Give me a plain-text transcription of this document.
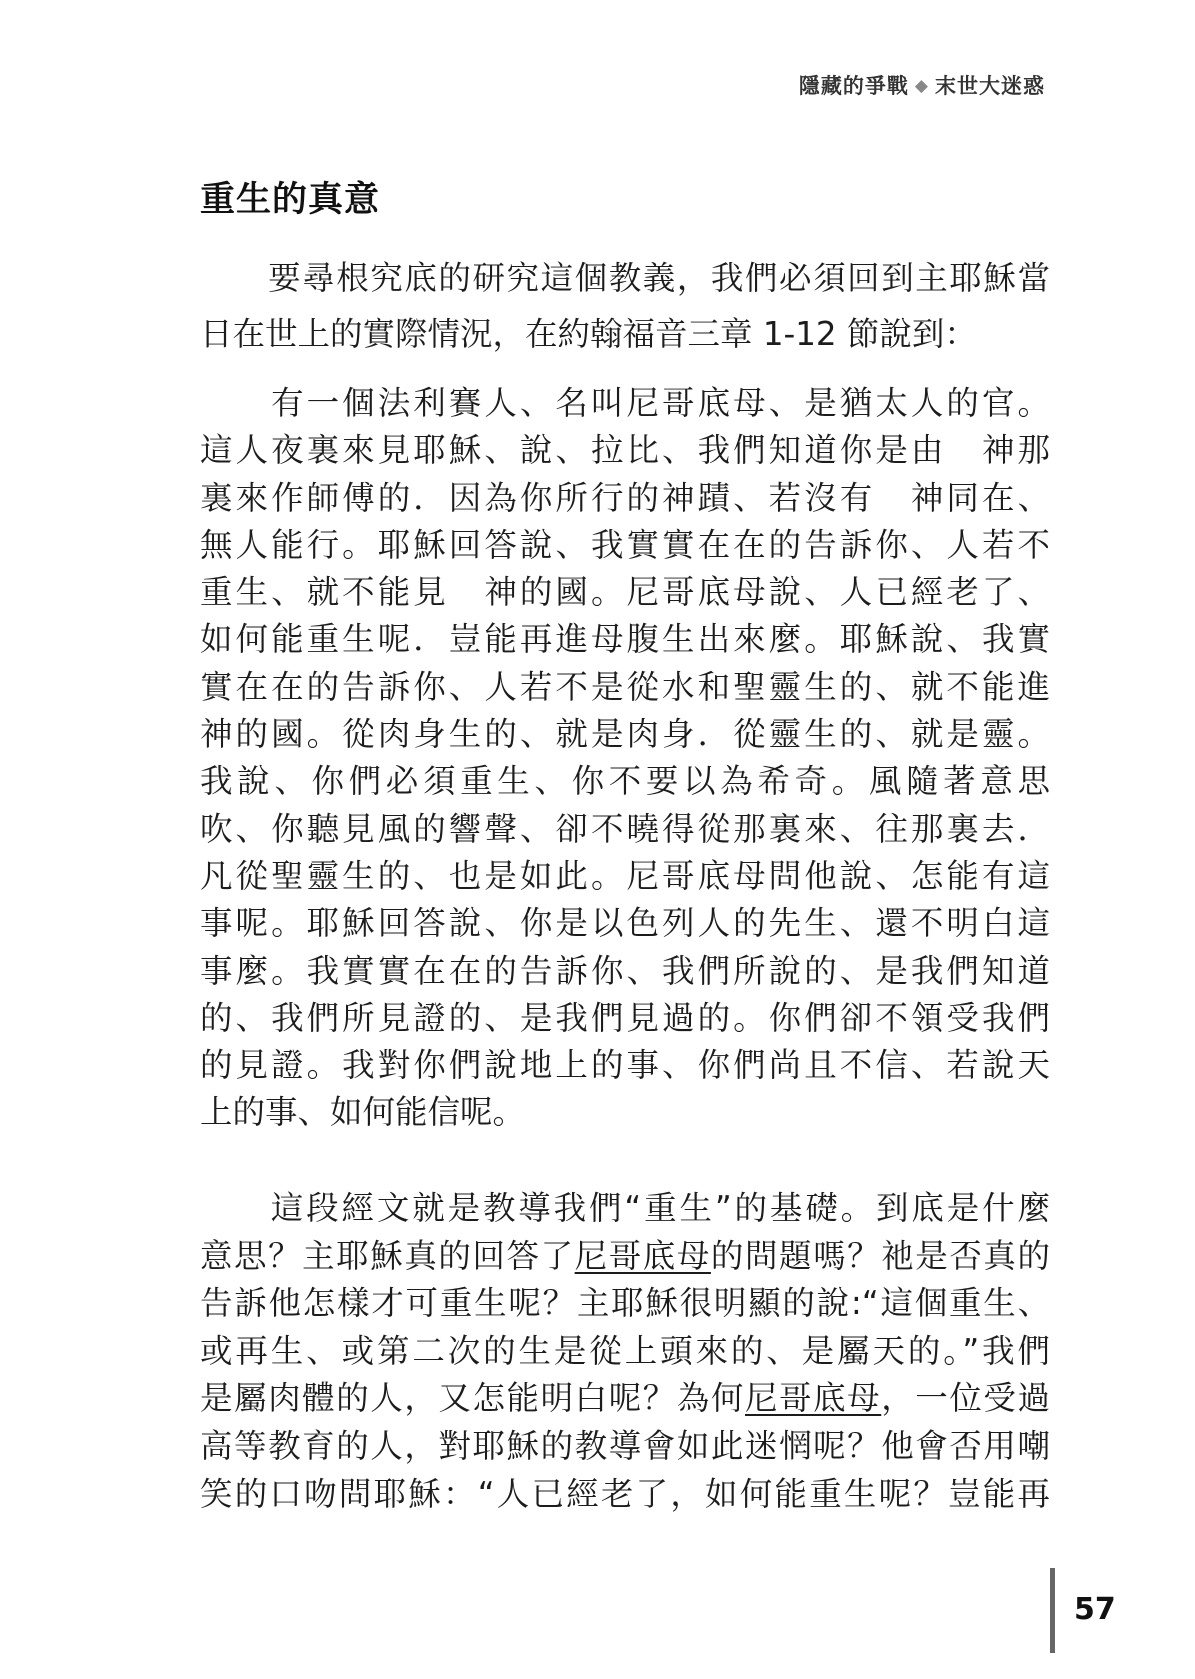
隱藏的爭戰 ◆ 末世大迷惑
重生的真意
　　要尋根究底的研究這個教義，我們必須回到主耶穌當
日在世上的實際情況，在約翰福音三章 1-12 節說到：
　　有一個法利賽人、名叫尼哥底母、是猶太人的官。
這人夜裏來見耶穌、說、拉比、我們知道你是由　神那
裏來作師傅的．因為你所行的神蹟、若沒有　神同在、
無人能行。耶穌回答說、我實實在在的告訴你、人若不
重生、就不能見　神的國。尼哥底母說、人已經老了、
如何能重生呢．豈能再進母腹生出來麼。耶穌說、我實
實在在的告訴你、人若不是從水和聖靈生的、就不能進
神的國。從肉身生的、就是肉身．從靈生的、就是靈。
我說、你們必須重生、你不要以為希奇。風隨著意思
吹、你聽見風的響聲、卻不曉得從那裏來、往那裏去．
凡從聖靈生的、也是如此。尼哥底母問他說、怎能有這
事呢。耶穌回答說、你是以色列人的先生、還不明白這
事麼。我實實在在的告訴你、我們所說的、是我們知道
的、我們所見證的、是我們見過的。你們卻不領受我們
的見證。我對你們說地上的事、你們尚且不信、若說天
上的事、如何能信呢。
　　這段經文就是教導我們“重生”的基礎。到底是什麼
意思？主耶穌真的回答了尼哥底母的問題嗎？祂是否真的
告訴他怎樣才可重生呢？主耶穌很明顯的說:“這個重生、
或再生、或第二次的生是從上頭來的、是屬天的。”我們
是屬肉體的人，又怎能明白呢？為何尼哥底母，一位受過
高等教育的人，對耶穌的教導會如此迷惘呢？他會否用嘲
笑的口吻問耶穌：“人已經老了，如何能重生呢？豈能再
57
